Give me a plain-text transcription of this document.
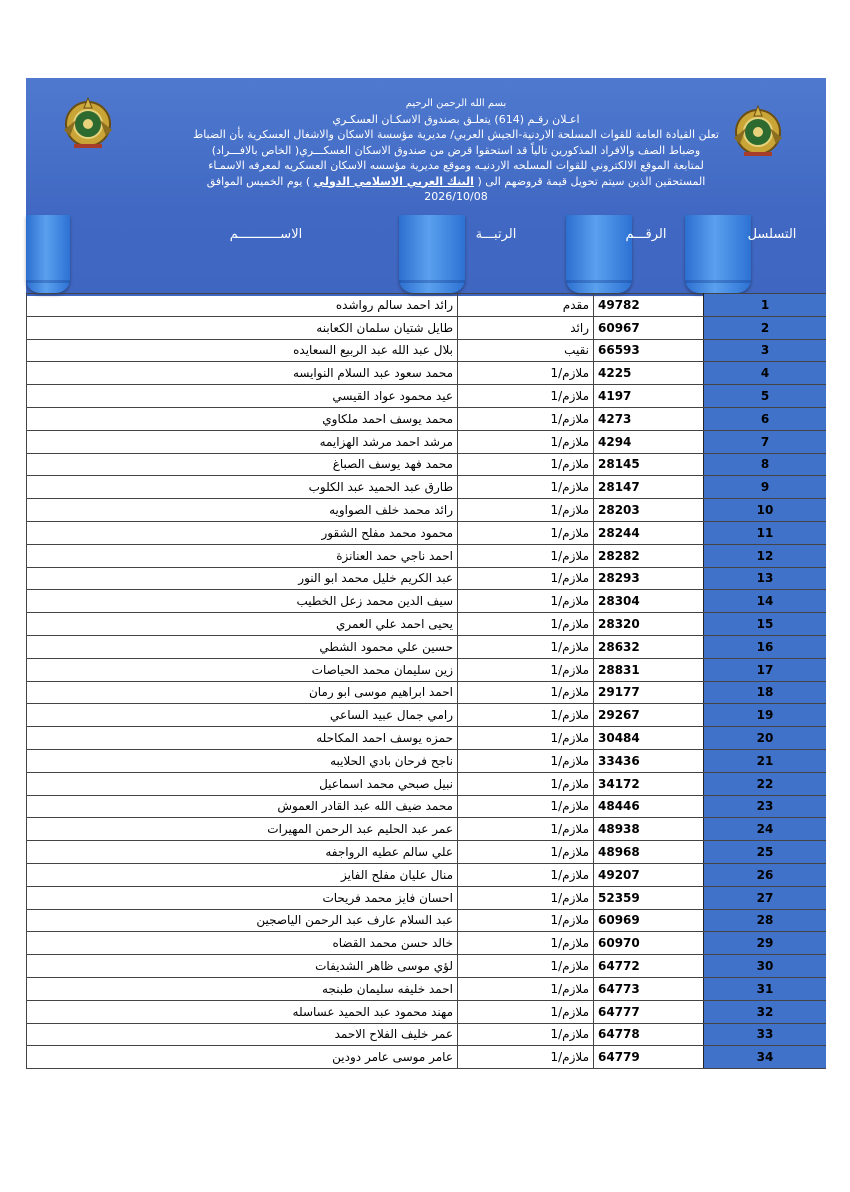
بسم الله الرحمن الرحيم
اعـلان رقـم (614) يتعلـق بصندوق الاسكـان العسكـري
تعلن القيادة العامة للقوات المسلحة الاردنية-الجيش العربي/ مديرية مؤسسة الاسكان والاشغال العسكرية بأن الضباط
وضباط الصف والافراد المذكورين تالياً قد استحقوا قرض من صندوق الاسكان العسكـــري( الخاص بالافـــراد)
لمتابعة الموقع الالكتروني للقوات المسلحه الاردنيـه وموقع مديرية مؤسسه الاسكان العسكريه لمعرفه الاسمـاء
المستحقين الذين سيتم تحويل قيمة قروضهم الى ( البنك العربي الاسلامي الدولي ) يوم الخميس الموافق 2026/10/08
الاســـــــــــم	الرتبـــة	الرقـــم	التسلسل
1	49782	مقدم	رائد احمد سالم رواشده
2	60967	رائد	طايل شتيان سلمان الكعابنه
3	66593	نقيب	بلال عبد الله عبد الربيع السعايده
4	4225	ملازم/1	محمد سعود عبد السلام النوايسه
5	4197	ملازم/1	عيد محمود عواد القيسي
6	4273	ملازم/1	محمد يوسف احمد ملكاوي
7	4294	ملازم/1	مرشد احمد مرشد الهزايمه
8	28145	ملازم/1	محمد فهد يوسف الصباغ
9	28147	ملازم/1	طارق عبد الحميد عبد الكلوب
10	28203	ملازم/1	رائد محمد خلف الصواويه
11	28244	ملازم/1	محمود محمد مفلح الشقور
12	28282	ملازم/1	احمد ناجي حمد العنانزة
13	28293	ملازم/1	عبد الكريم خليل محمد ابو النور
14	28304	ملازم/1	سيف الدين محمد زعل الخطيب
15	28320	ملازم/1	يحيى احمد علي العمري
16	28632	ملازم/1	حسين علي محمود الشطي
17	28831	ملازم/1	زين سليمان محمد الحياصات
18	29177	ملازم/1	احمد ابراهيم موسى ابو رمان
19	29267	ملازم/1	رامي جمال عبيد الساعي
20	30484	ملازم/1	حمزه يوسف احمد المكاحله
21	33436	ملازم/1	ناجح فرحان بادي الحلايبه
22	34172	ملازم/1	نبيل صبحي محمد اسماعيل
23	48446	ملازم/1	محمد ضيف الله عبد القادر العموش
24	48938	ملازم/1	عمر عبد الحليم عبد الرحمن المهيرات
25	48968	ملازم/1	علي سالم عطيه الرواجفه
26	49207	ملازم/1	منال عليان مفلح الفايز
27	52359	ملازم/1	احسان فايز محمد فريحات
28	60969	ملازم/1	عبد السلام عارف عبد الرحمن الياصجين
29	60970	ملازم/1	خالد حسن محمد القضاه
30	64772	ملازم/1	لؤي موسى ظاهر الشديفات
31	64773	ملازم/1	احمد خليفه سليمان طبنجه
32	64777	ملازم/1	مهند محمود عبد الحميد عساسله
33	64778	ملازم/1	عمر خليف الفلاح الاحمد
34	64779	ملازم/1	عامر موسى عامر دودين
